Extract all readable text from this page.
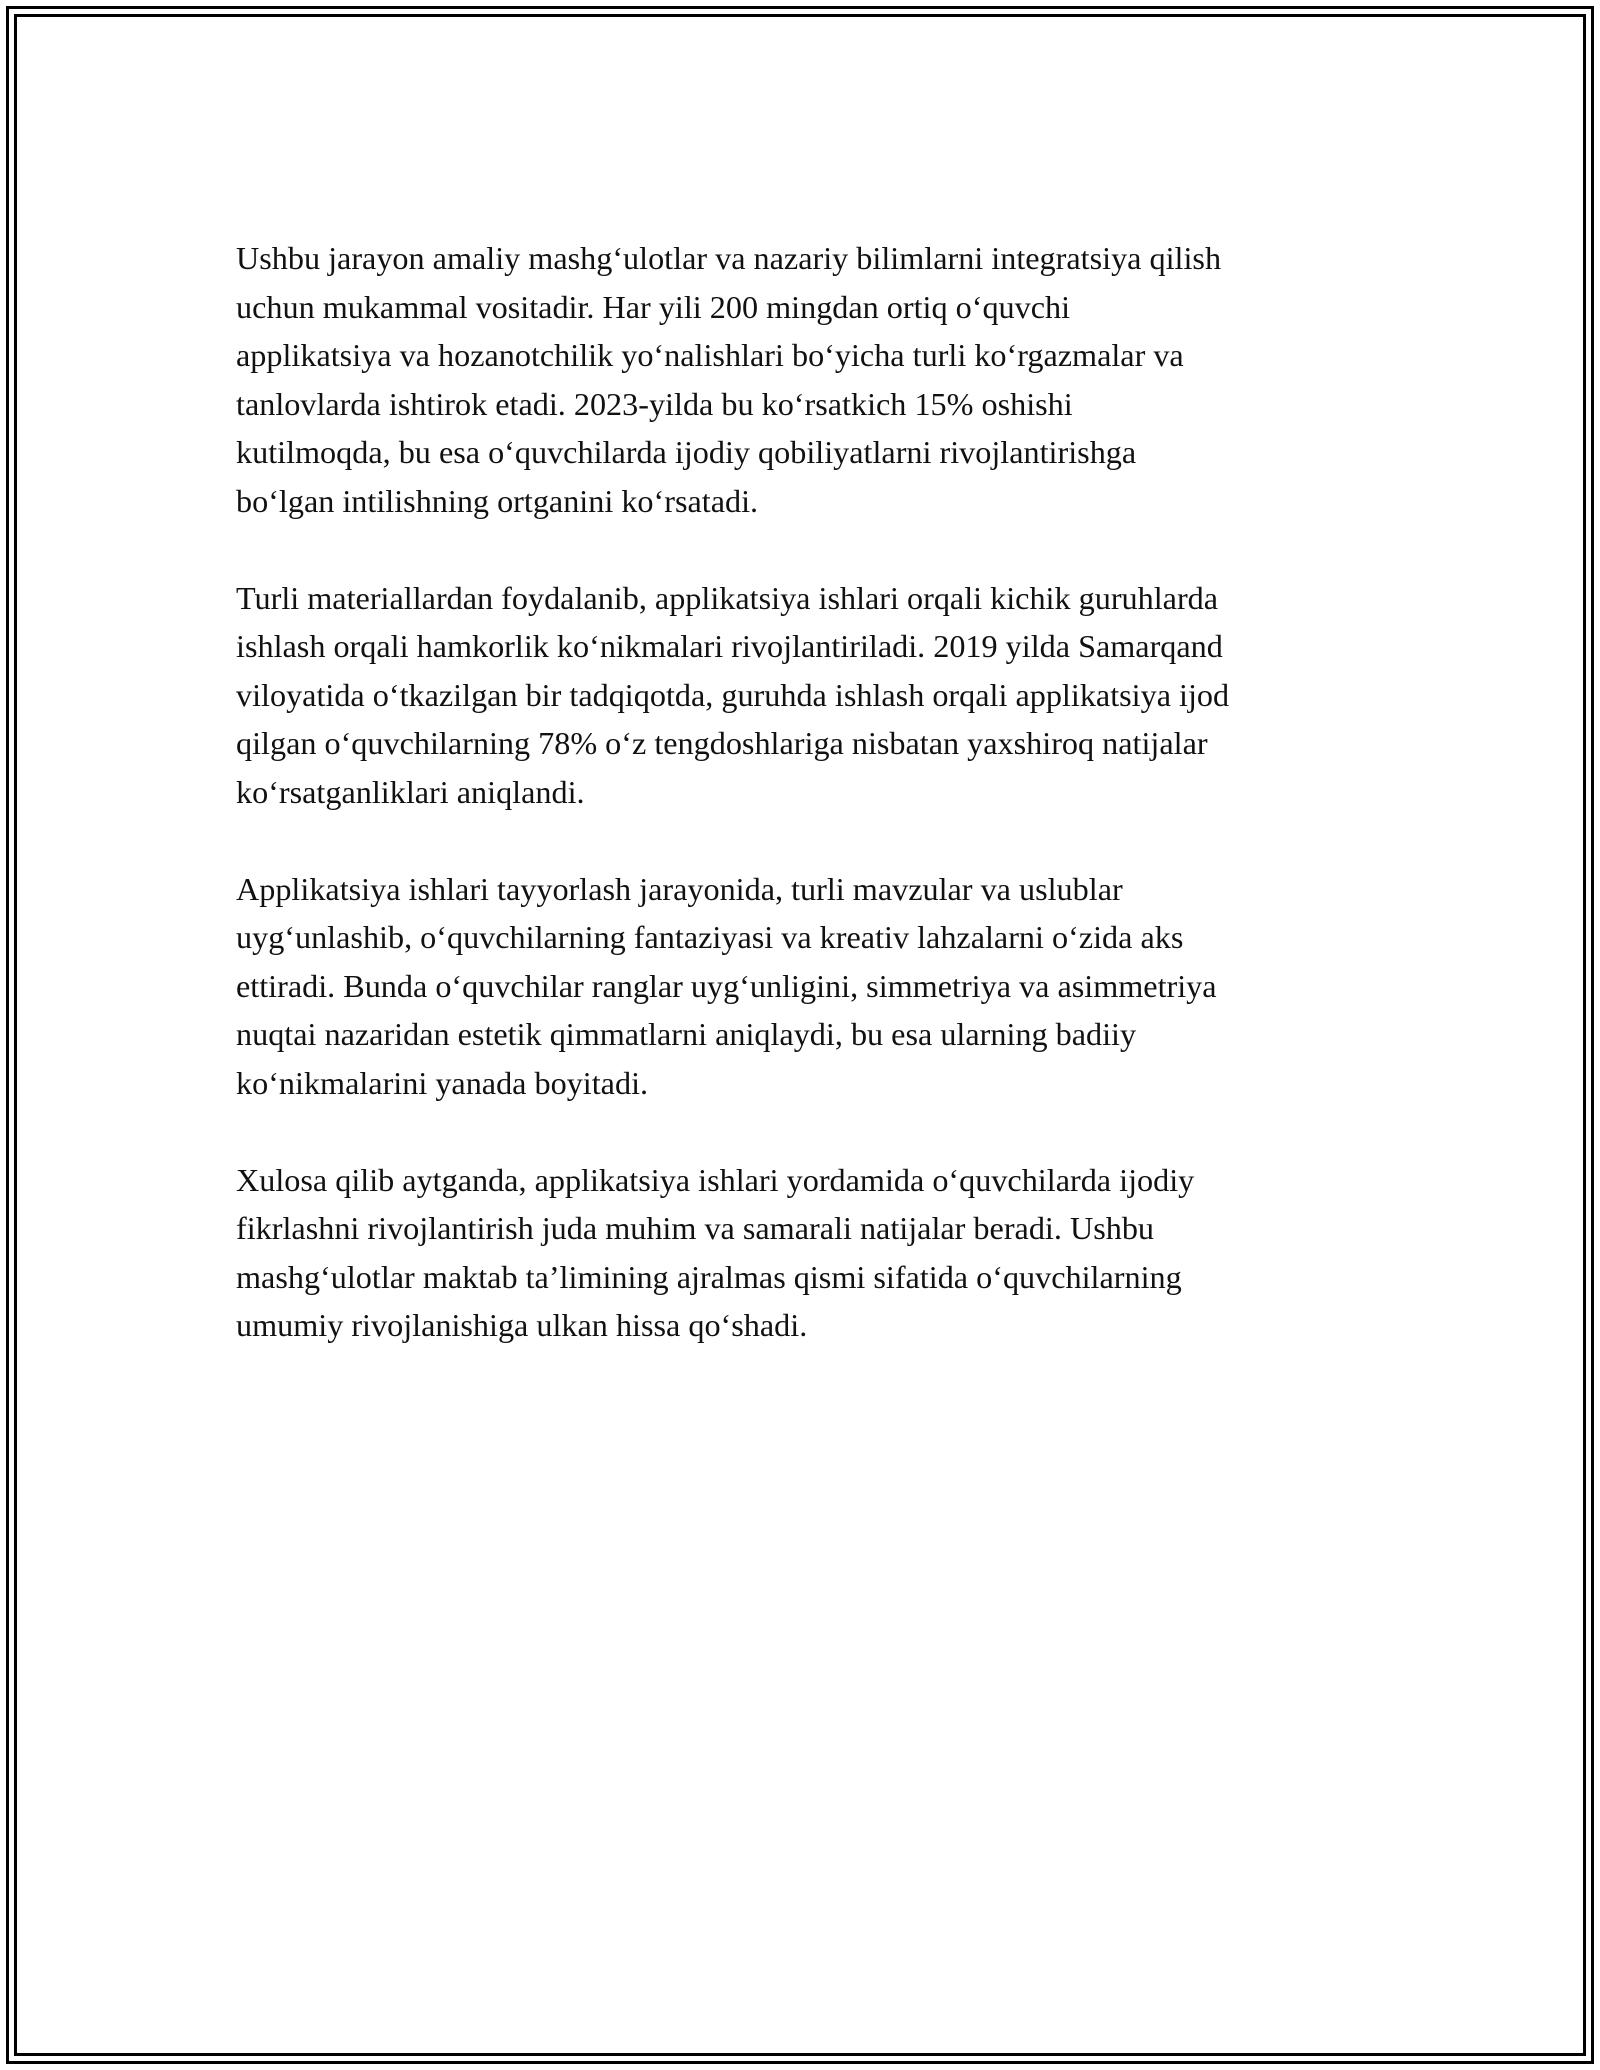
Ushbu jarayon amaliy mashg‘ulotlar va nazariy bilimlarni integratsiya qilish
uchun mukammal vositadir. Har yili 200 mingdan ortiq o‘quvchi
applikatsiya va hozanotchilik yo‘nalishlari bo‘yicha turli ko‘rgazmalar va
tanlovlarda ishtirok etadi. 2023-yilda bu ko‘rsatkich 15% oshishi
kutilmoqda, bu esa o‘quvchilarda ijodiy qobiliyatlarni rivojlantirishga
bo‘lgan intilishning ortganini ko‘rsatadi.

Turli materiallardan foydalanib, applikatsiya ishlari orqali kichik guruhlarda
ishlash orqali hamkorlik ko‘nikmalari rivojlantiriladi. 2019 yilda Samarqand
viloyatida o‘tkazilgan bir tadqiqotda, guruhda ishlash orqali applikatsiya ijod
qilgan o‘quvchilarning 78% o‘z tengdoshlariga nisbatan yaxshiroq natijalar
ko‘rsatganliklari aniqlandi.

Applikatsiya ishlari tayyorlash jarayonida, turli mavzular va uslublar
uyg‘unlashib, o‘quvchilarning fantaziyasi va kreativ lahzalarni o‘zida aks
ettiradi. Bunda o‘quvchilar ranglar uyg‘unligini, simmetriya va asimmetriya
nuqtai nazaridan estetik qimmatlarni aniqlaydi, bu esa ularning badiiy
ko‘nikmalarini yanada boyitadi.

Xulosa qilib aytganda, applikatsiya ishlari yordamida o‘quvchilarda ijodiy
fikrlashni rivojlantirish juda muhim va samarali natijalar beradi. Ushbu
mashg‘ulotlar maktab ta’limining ajralmas qismi sifatida o‘quvchilarning
umumiy rivojlanishiga ulkan hissa qo‘shadi.
